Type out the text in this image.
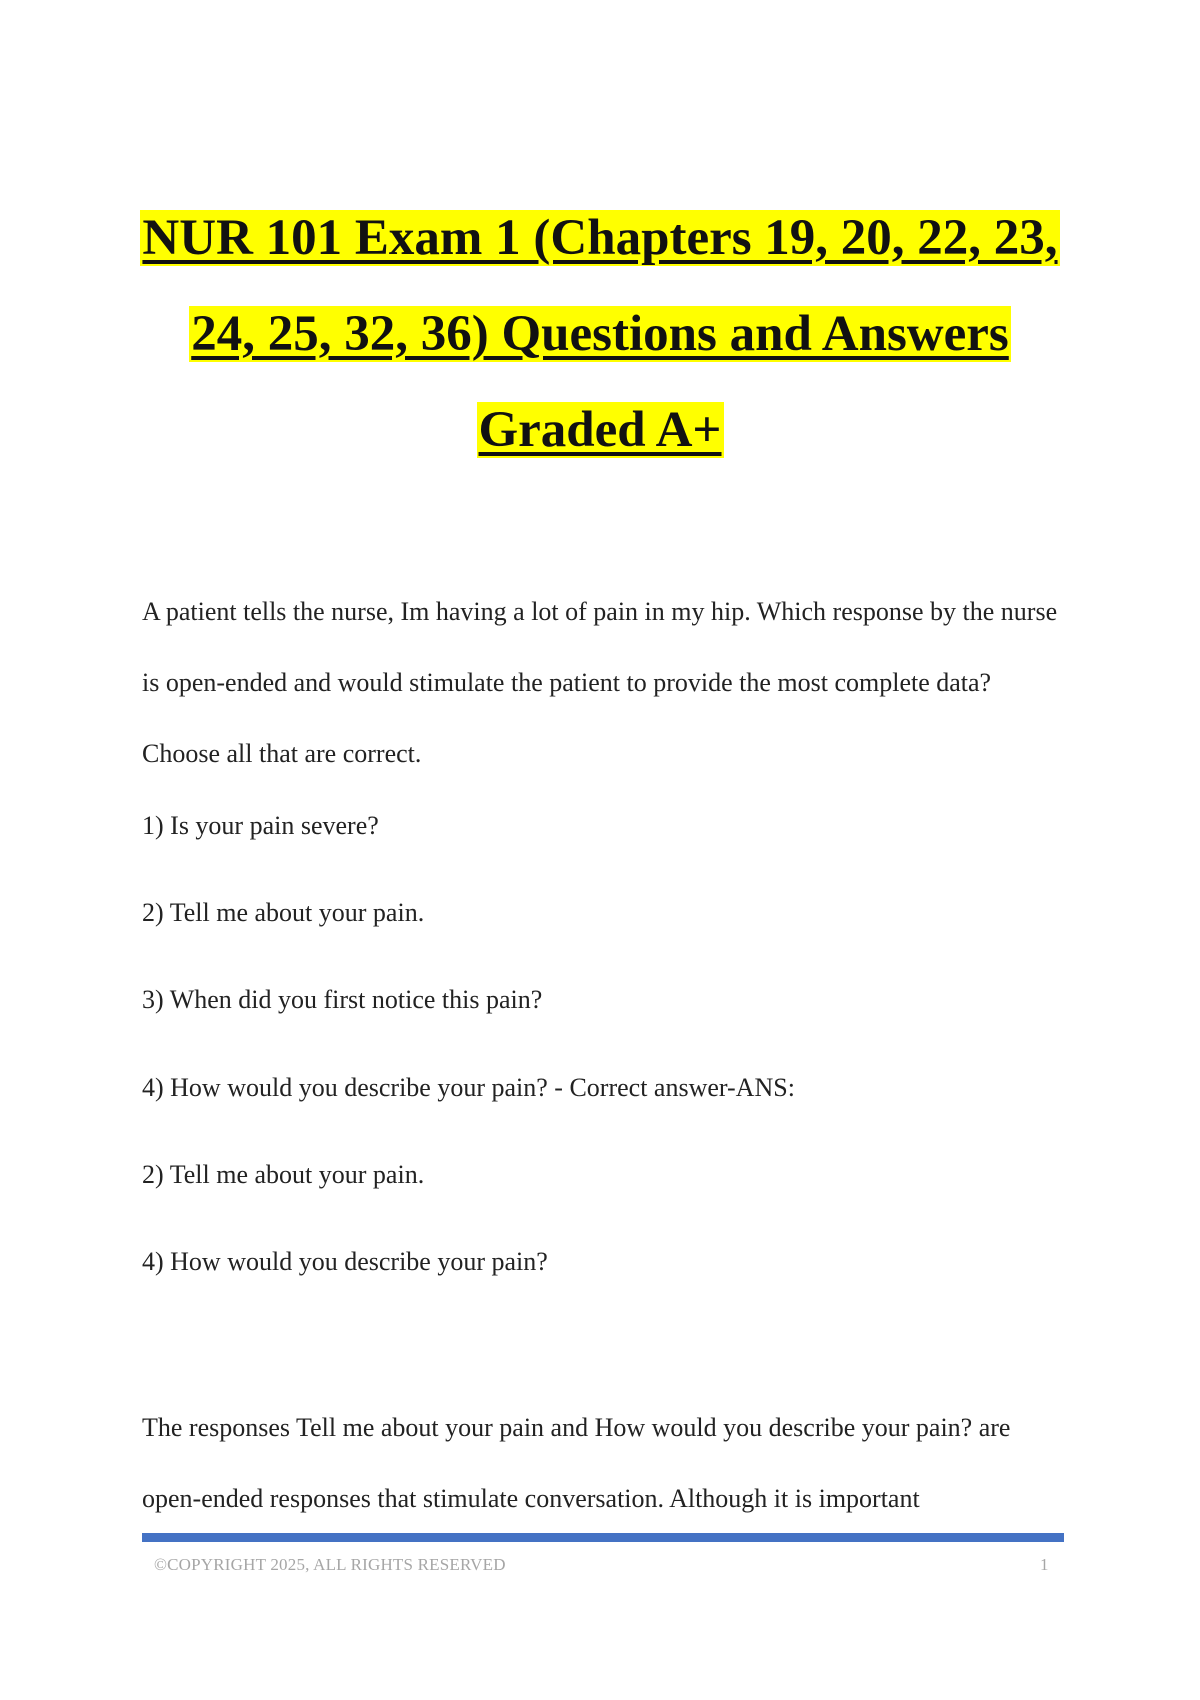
NUR 101 Exam 1 (Chapters 19, 20, 22, 23,
24, 25, 32, 36) Questions and Answers
Graded A+

A patient tells the nurse, Im having a lot of pain in my hip. Which response by the nurse is open-ended and would stimulate the patient to provide the most complete data? Choose all that are correct.

1) Is your pain severe?

2) Tell me about your pain.

3) When did you first notice this pain?

4) How would you describe your pain? - Correct answer-ANS:

2) Tell me about your pain.

4) How would you describe your pain?

The responses Tell me about your pain and How would you describe your pain? are open-ended responses that stimulate conversation. Although it is important

©COPYRIGHT 2025, ALL RIGHTS RESERVED	1
